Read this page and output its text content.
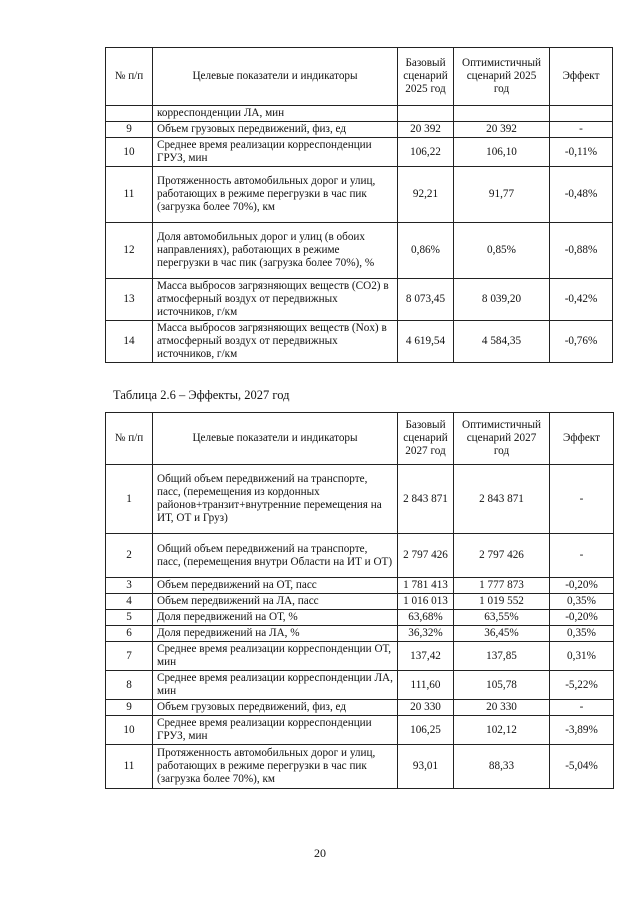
№ п/п	Целевые показатели и индикаторы	Базовый сценарий 2025 год	Оптимистичный сценарий 2025 год	Эффект
	корреспонденции ЛА, мин			
9	Объем грузовых передвижений, физ, ед	20 392	20 392	-
10	Среднее время реализации корреспонденции ГРУЗ, мин	106,22	106,10	-0,11%
11	Протяженность автомобильных дорог и улиц, работающих в режиме перегрузки в час пик (загрузка более 70%), км	92,21	91,77	-0,48%
12	Доля автомобильных дорог и улиц (в обоих направлениях), работающих в режиме перегрузки в час пик (загрузка более 70%), %	0,86%	0,85%	-0,88%
13	Масса выбросов загрязняющих веществ (CO2) в атмосферный воздух от передвижных источников, г/км	8 073,45	8 039,20	-0,42%
14	Масса выбросов загрязняющих веществ (Nox) в атмосферный воздух от передвижных источников, г/км	4 619,54	4 584,35	-0,76%
Таблица 2.6 – Эффекты, 2027 год
№ п/п	Целевые показатели и индикаторы	Базовый сценарий 2027 год	Оптимистичный сценарий 2027 год	Эффект
1	Общий объем передвижений на транспорте, пасс, (перемещения из кордонных районов+транзит+внутренние перемещения на ИТ, ОТ и Груз)	2 843 871	2 843 871	-
2	Общий объем передвижений на транспорте, пасс, (перемещения внутри Области на ИТ и ОТ)	2 797 426	2 797 426	-
3	Объем передвижений на ОТ, пасс	1 781 413	1 777 873	-0,20%
4	Объем передвижений на ЛА, пасс	1 016 013	1 019 552	0,35%
5	Доля передвижений на ОТ, %	63,68%	63,55%	-0,20%
6	Доля передвижений на ЛА, %	36,32%	36,45%	0,35%
7	Среднее время реализации корреспонденции ОТ, мин	137,42	137,85	0,31%
8	Среднее время реализации корреспонденции ЛА, мин	111,60	105,78	-5,22%
9	Объем грузовых передвижений, физ, ед	20 330	20 330	-
10	Среднее время реализации корреспонденции ГРУЗ, мин	106,25	102,12	-3,89%
11	Протяженность автомобильных дорог и улиц, работающих в режиме перегрузки в час пик (загрузка более 70%), км	93,01	88,33	-5,04%
20
